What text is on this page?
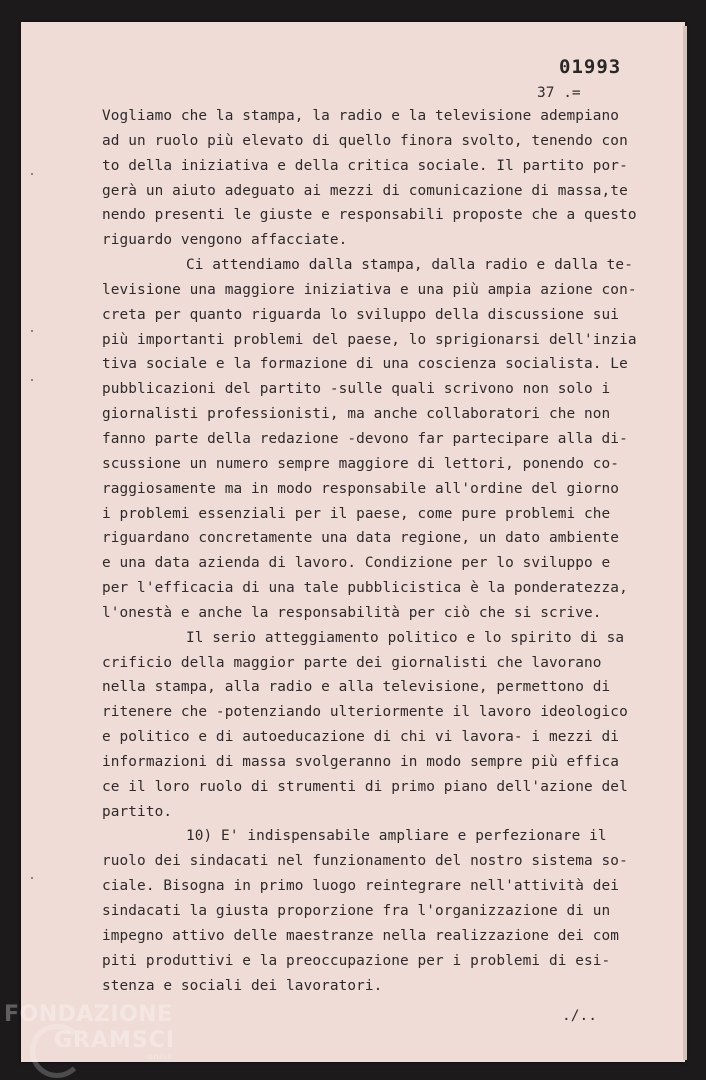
01993
37 .=
Vogliamo che la stampa, la radio e la televisione adempiano
ad un ruolo più elevato di quello finora svolto, tenendo con
to della iniziativa e della critica sociale. Il partito por-
gerà un aiuto adeguato ai mezzi di comunicazione di massa,te
nendo presenti le giuste e responsabili proposte che a questo
riguardo vengono affacciate.
Ci attendiamo dalla stampa, dalla radio e dalla te-
levisione una maggiore iniziativa e una più ampia azione con-
creta per quanto riguarda lo sviluppo della discussione sui
più importanti problemi del paese, lo sprigionarsi dell'inzia
tiva sociale e la formazione di una coscienza socialista. Le
pubblicazioni del partito -sulle quali scrivono non solo i
giornalisti professionisti, ma anche collaboratori che non
fanno parte della redazione -devono far partecipare alla di-
scussione un numero sempre maggiore di lettori, ponendo co-
raggiosamente ma in modo responsabile all'ordine del giorno
i problemi essenziali per il paese, come pure problemi che
riguardano concretamente una data regione, un dato ambiente
e una data azienda di lavoro. Condizione per lo sviluppo e
per l'efficacia di una tale pubblicistica è la ponderatezza,
l'onestà e anche la responsabilità per ciò che si scrive.
Il serio atteggiamento politico e lo spirito di sa
crificio della maggior parte dei giornalisti che lavorano
nella stampa, alla radio e alla televisione, permettono di
ritenere che -potenziando ulteriormente il lavoro ideologico
e politico e di autoeducazione di chi vi lavora- i mezzi di
informazioni di massa svolgeranno in modo sempre più effica
ce il loro ruolo di strumenti di primo piano dell'azione del
partito.
10) E' indispensabile ampliare e perfezionare il
ruolo dei sindacati nel funzionamento del nostro sistema so-
ciale. Bisogna in primo luogo reintegrare nell'attività dei
sindacati la giusta proporzione fra l'organizzazione di un
impegno attivo delle maestranze nella realizzazione dei com
piti produttivi e la preoccupazione per i problemi di esi-
stenza e sociali dei lavoratori.
./..
FONDAZIONE
GRAMSCI
onlus
